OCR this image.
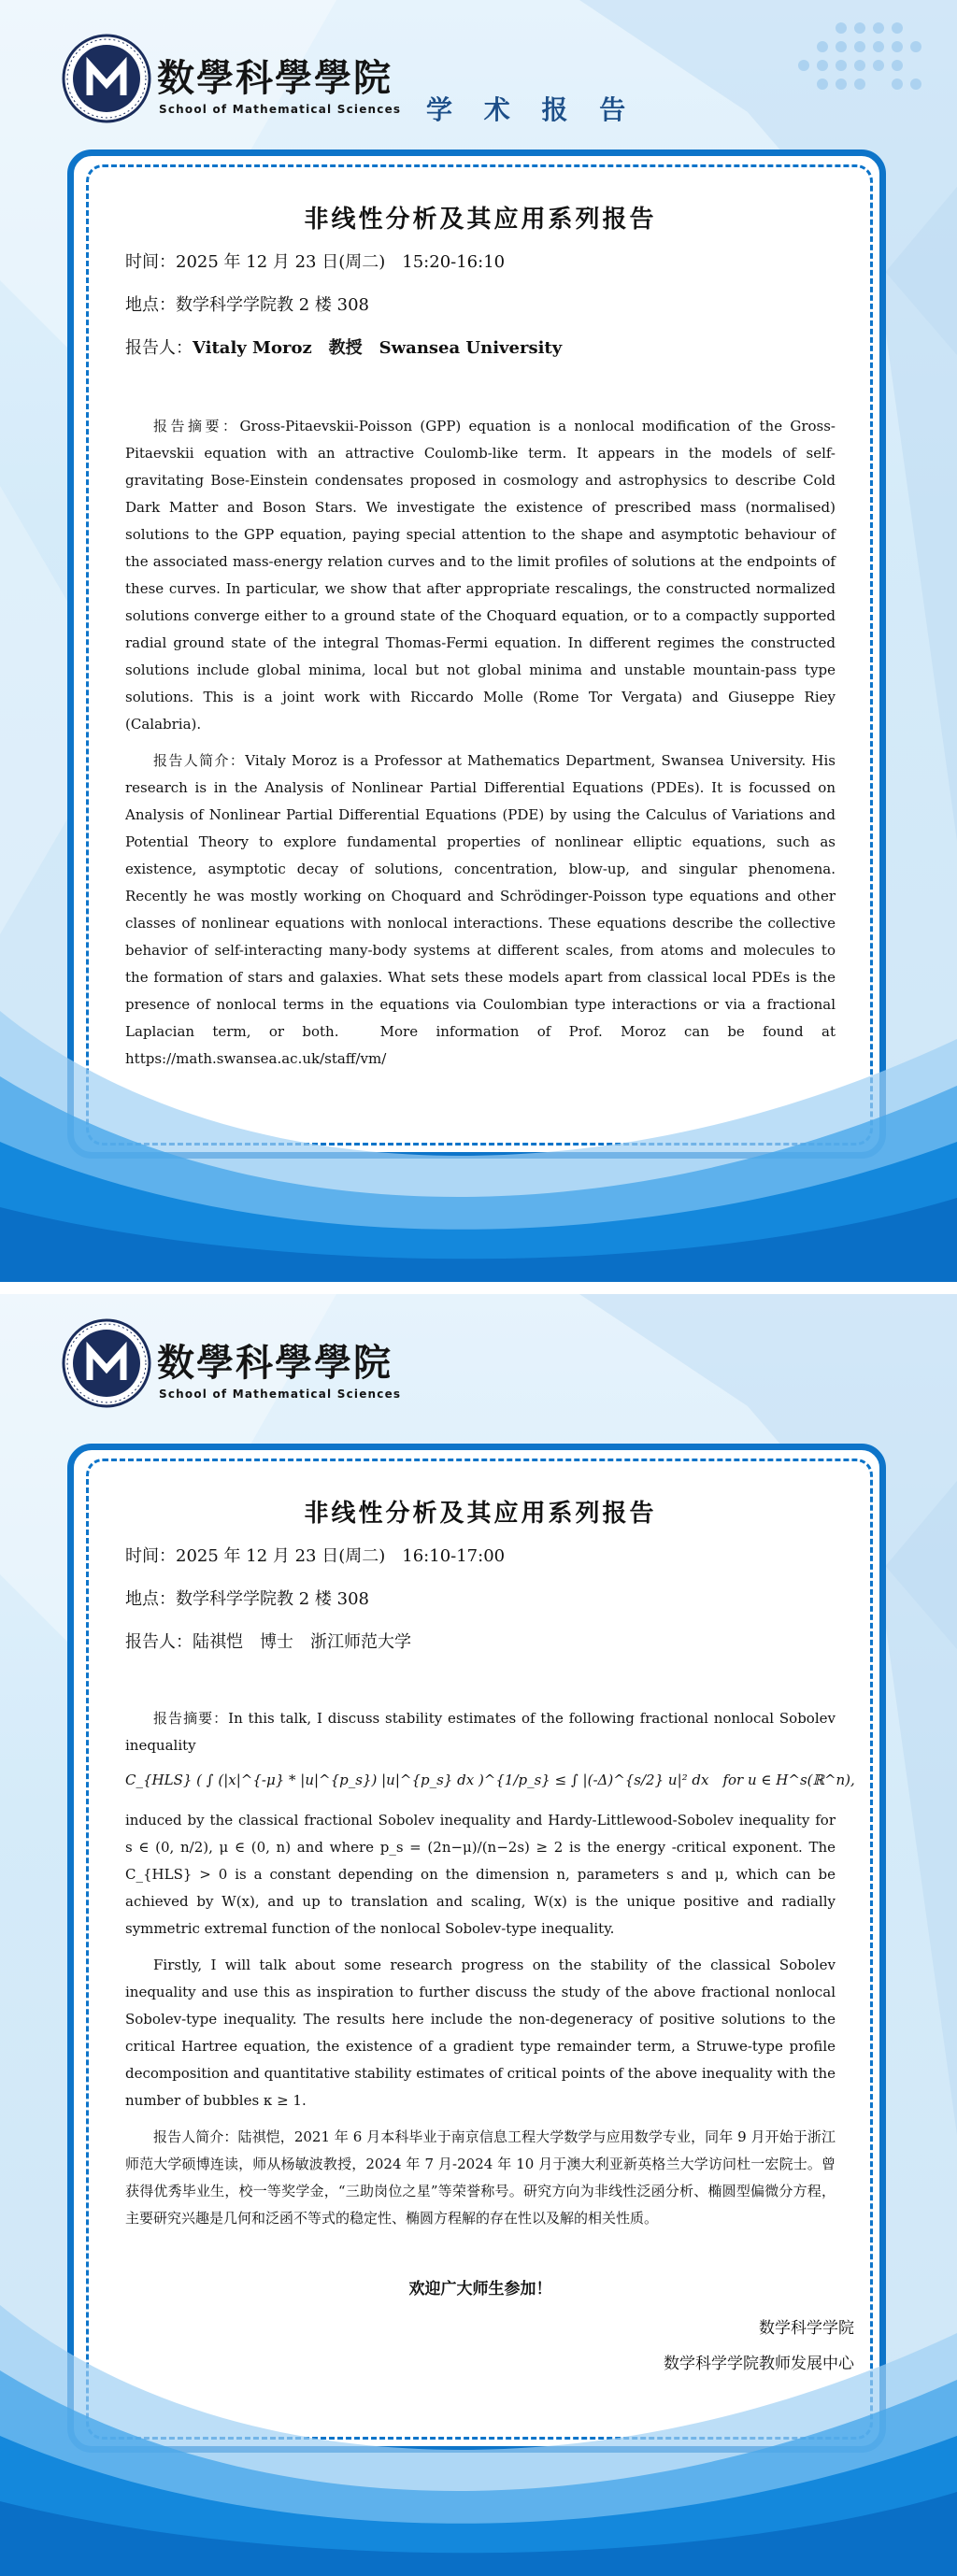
数學科學學院
School of Mathematical Sciences 学 术 报 告
非线性分析及其应用系列报告
时间：2025 年 12 月 23 日(周二)　15:20-16:10
地点：数学科学学院教 2 楼 308
报告人：Vitaly Moroz　教授　Swansea University

报告摘要：Gross-Pitaevskii-Poisson (GPP) equation is a nonlocal modification of the Gross-Pitaevskii equation with an attractive Coulomb-like term. It appears in the models of self-gravitating Bose-Einstein condensates proposed in cosmology and astrophysics to describe Cold Dark Matter and Boson Stars. We investigate the existence of prescribed mass (normalised) solutions to the GPP equation, paying special attention to the shape and asymptotic behaviour of the associated mass-energy relation curves and to the limit profiles of solutions at the endpoints of these curves. In particular, we show that after appropriate rescalings, the constructed normalized solutions converge either to a ground state of the Choquard equation, or to a compactly supported radial ground state of the integral Thomas-Fermi equation. In different regimes the constructed solutions include global minima, local but not global minima and unstable mountain-pass type solutions. This is a joint work with Riccardo Molle (Rome Tor Vergata) and Giuseppe Riey (Calabria).

报告人简介：Vitaly Moroz is a Professor at Mathematics Department, Swansea University. His research is in the Analysis of Nonlinear Partial Differential Equations (PDEs). It is focussed on Analysis of Nonlinear Partial Differential Equations (PDE) by using the Calculus of Variations and Potential Theory to explore fundamental properties of nonlinear elliptic equations, such as existence, asymptotic decay of solutions, concentration, blow-up, and singular phenomena. Recently he was mostly working on Choquard and Schrödinger-Poisson type equations and other classes of nonlinear equations with nonlocal interactions. These equations describe the collective behavior of self-interacting many-body systems at different scales, from atoms and molecules to the formation of stars and galaxies. What sets these models apart from classical local PDEs is the presence of nonlocal terms in the equations via Coulombian type interactions or via a fractional Laplacian term, or both.　More information of Prof. Moroz can be found at https://math.swansea.ac.uk/staff/vm/

数學科學學院
School of Mathematical Sciences
非线性分析及其应用系列报告
时间：2025 年 12 月 23 日(周二)　16:10-17:00
地点：数学科学学院教 2 楼 308
报告人：陆祺恺　博士　浙江师范大学

报告摘要：In this talk, I discuss stability estimates of the following fractional nonlocal Sobolev inequality

C_{HLS} ( ∫ (|x|^{-μ} * |u|^{p_s}) |u|^{p_s} dx )^{1/p_s} ≤ ∫ |(-Δ)^{s/2} u|² dx　for u ∈ H^s(ℝ^n),

induced by the classical fractional Sobolev inequality and Hardy-Littlewood-Sobolev inequality for s ∈ (0, n/2), μ ∈ (0, n) and where p_s = (2n−μ)/(n−2s) ≥ 2 is the energy -critical exponent. The C_{HLS} > 0 is a constant depending on the dimension n, parameters s and μ, which can be achieved by W(x), and up to translation and scaling, W(x) is the unique positive and radially symmetric extremal function of the nonlocal Sobolev-type inequality.

Firstly, I will talk about some research progress on the stability of the classical Sobolev inequality and use this as inspiration to further discuss the study of the above fractional nonlocal Sobolev-type inequality. The results here include the non-degeneracy of positive solutions to the critical Hartree equation, the existence of a gradient type remainder term, a Struwe-type profile decomposition and quantitative stability estimates of critical points of the above inequality with the number of bubbles κ ≥ 1.

报告人简介：陆祺恺，2021 年 6 月本科毕业于南京信息工程大学数学与应用数学专业，同年 9 月开始于浙江师范大学硕博连读，师从杨敏波教授，2024 年 7 月-2024 年 10 月于澳大利亚新英格兰大学访问杜一宏院士。曾获得优秀毕业生，校一等奖学金，“三助岗位之星”等荣誉称号。研究方向为非线性泛函分析、椭圆型偏微分方程，主要研究兴趣是几何和泛函不等式的稳定性、椭圆方程解的存在性以及解的相关性质。

欢迎广大师生参加！
数学科学学院
数学科学学院教师发展中心
